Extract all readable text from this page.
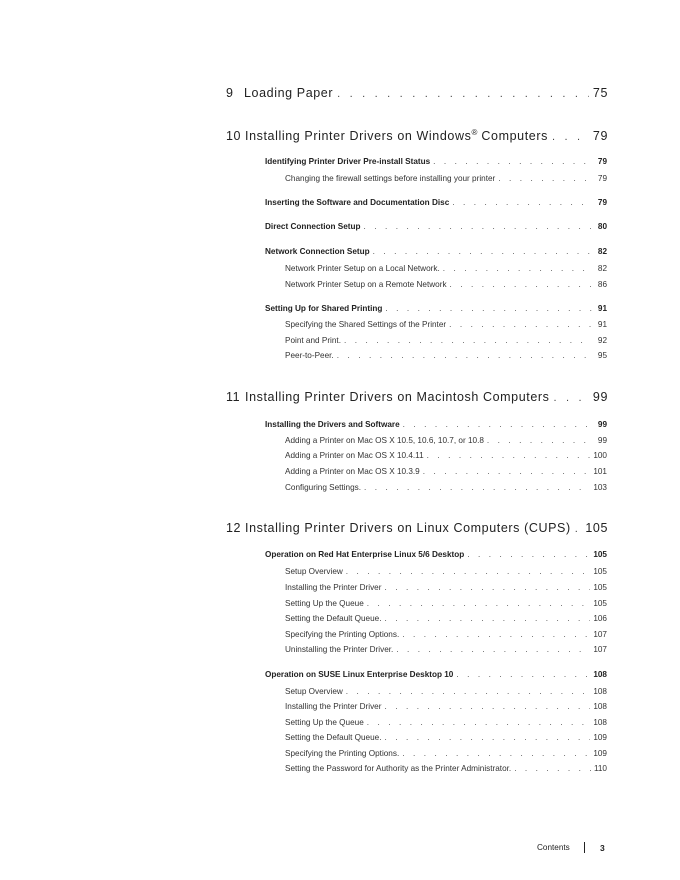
9 Loading Paper . . .	75
10 Installing Printer Drivers on Windows® Computers . . .	79
Identifying Printer Driver Pre-install Status . . .	79
Changing the firewall settings before installing your printer . . .	79
Inserting the Software and Documentation Disc . . .	79
Direct Connection Setup . . .	80
Network Connection Setup . . .	82
Network Printer Setup on a Local Network. . . .	82
Network Printer Setup on a Remote Network . . .	86
Setting Up for Shared Printing . . .	91
Specifying the Shared Settings of the Printer . . .	91
Point and Print. . . .	92
Peer-to-Peer. . . .	95
11 Installing Printer Drivers on Macintosh Computers . . .	99
Installing the Drivers and Software . . .	99
Adding a Printer on Mac OS X 10.5, 10.6, 10.7, or 10.8 . . .	99
Adding a Printer on Mac OS X 10.4.11 . . .	100
Adding a Printer on Mac OS X 10.3.9 . . .	101
Configuring Settings. . . .	103
12 Installing Printer Drivers on Linux Computers (CUPS) . . . 105
Operation on Red Hat Enterprise Linux 5/6 Desktop . . .	105
Setup Overview . . .	105
Installing the Printer Driver . . .	105
Setting Up the Queue . . .	105
Setting the Default Queue. . . .	106
Specifying the Printing Options. . . .	107
Uninstalling the Printer Driver. . . .	107
Operation on SUSE Linux Enterprise Desktop 10 . . .	108
Setup Overview . . .	108
Installing the Printer Driver . . .	108
Setting Up the Queue . . .	108
Setting the Default Queue. . . .	109
Specifying the Printing Options. . . .	109
Setting the Password for Authority as the Printer Administrator. . . .	110
Contents	3
